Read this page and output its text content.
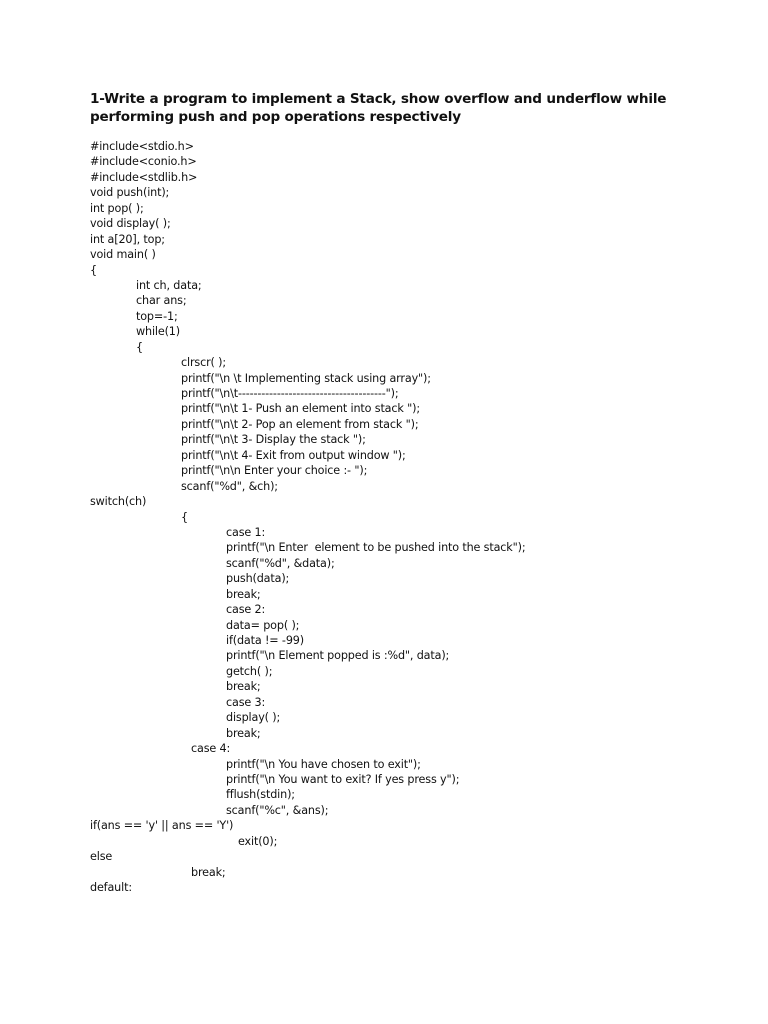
1-Write a program to implement a Stack, show overflow and underflow while performing push and pop operations respectively
#include<stdio.h>
#include<conio.h>
#include<stdlib.h>
void push(int);
int pop( );
void display( );
int a[20], top;
void main( )
{
int ch, data;
char ans;
top=-1;
while(1)
{
clrscr( );
printf("\n \t Implementing stack using array");
printf("\n\t--------------------------------------");
printf("\n\t 1- Push an element into stack ");
printf("\n\t 2- Pop an element from stack ");
printf("\n\t 3- Display the stack ");
printf("\n\t 4- Exit from output window ");
printf("\n\n Enter your choice :- ");
scanf("%d", &ch);
switch(ch)
{
case 1:
printf("\n Enter  element to be pushed into the stack");
scanf("%d", &data);
push(data);
break;
case 2:
data= pop( );
if(data != -99)
printf("\n Element popped is :%d", data);
getch( );
break;
case 3:
display( );
break;
case 4:
printf("\n You have chosen to exit");
printf("\n You want to exit? If yes press y");
fflush(stdin);
scanf("%c", &ans);
if(ans == 'y' || ans == 'Y')
exit(0);
else
break;
default:
